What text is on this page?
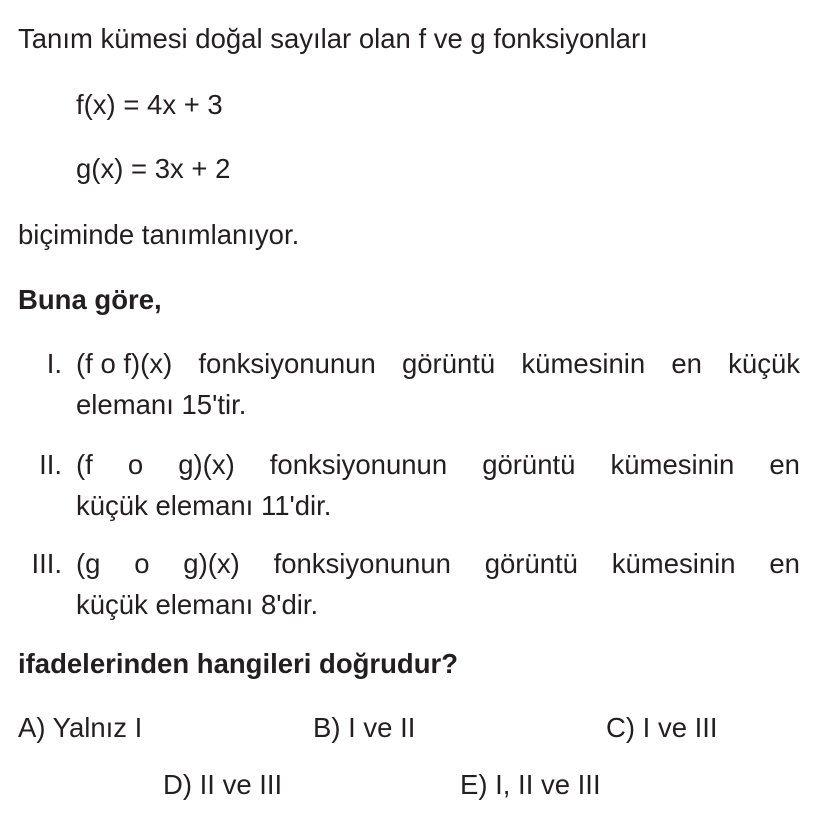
Tanım kümesi doğal sayılar olan f ve g fonksiyonları
f(x) = 4x + 3
g(x) = 3x + 2
biçiminde tanımlanıyor.
Buna göre,
I. (f o f)(x) fonksiyonunun görüntü kümesinin en küçük
elemanı 15'tir.
II. (f o g)(x) fonksiyonunun görüntü kümesinin en
küçük elemanı 11'dir.
III. (g o g)(x) fonksiyonunun görüntü kümesinin en
küçük elemanı 8'dir.
ifadelerinden hangileri doğrudur?
A) Yalnız I	B) I ve II	C) I ve III
D) II ve III	E) I, II ve III
